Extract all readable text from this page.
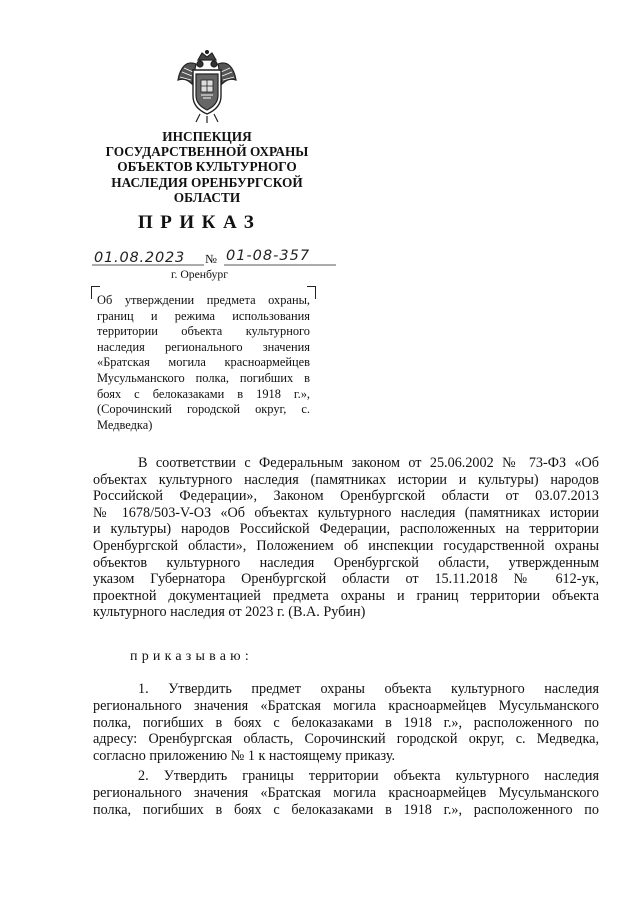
ИНСПЕКЦИЯ
ГОСУДАРСТВЕННОЙ ОХРАНЫ
ОБЪЕКТОВ КУЛЬТУРНОГО
НАСЛЕДИЯ ОРЕНБУРГСКОЙ
ОБЛАСТИ
ПРИКАЗ
01.08.2023 № 01-08-357
г. Оренбург
Об утверждении предмета охраны,
границ и режима использования
территории объекта культурного
наследия регионального значения
«Братская могила красноармейцев
Мусульманского полка, погибших в
боях с белоказаками в 1918 г.»,
(Сорочинский городской округ, с.
Медведка)
В соответствии с Федеральным законом от 25.06.2002 № 73-ФЗ «Об
объектах культурного наследия (памятниках истории и культуры) народов
Российской Федерации», Законом Оренбургской области от 03.07.2013
№ 1678/503-V-ОЗ «Об объектах культурного наследия (памятниках истории
и культуры) народов Российской Федерации, расположенных на территории
Оренбургской области», Положением об инспекции государственной охраны
объектов культурного наследия Оренбургской области, утвержденным
указом Губернатора Оренбургской области от 15.11.2018 № 612-ук,
проектной документацией предмета охраны и границ территории объекта
культурного наследия от 2023 г. (В.А. Рубин)
приказываю:
1. Утвердить предмет охраны объекта культурного наследия
регионального значения «Братская могила красноармейцев Мусульманского
полка, погибших в боях с белоказаками в 1918 г.», расположенного по
адресу: Оренбургская область, Сорочинский городской округ, с. Медведка,
согласно приложению № 1 к настоящему приказу.
2. Утвердить границы территории объекта культурного наследия
регионального значения «Братская могила красноармейцев Мусульманского
полка, погибших в боях с белоказаками в 1918 г.», расположенного по
